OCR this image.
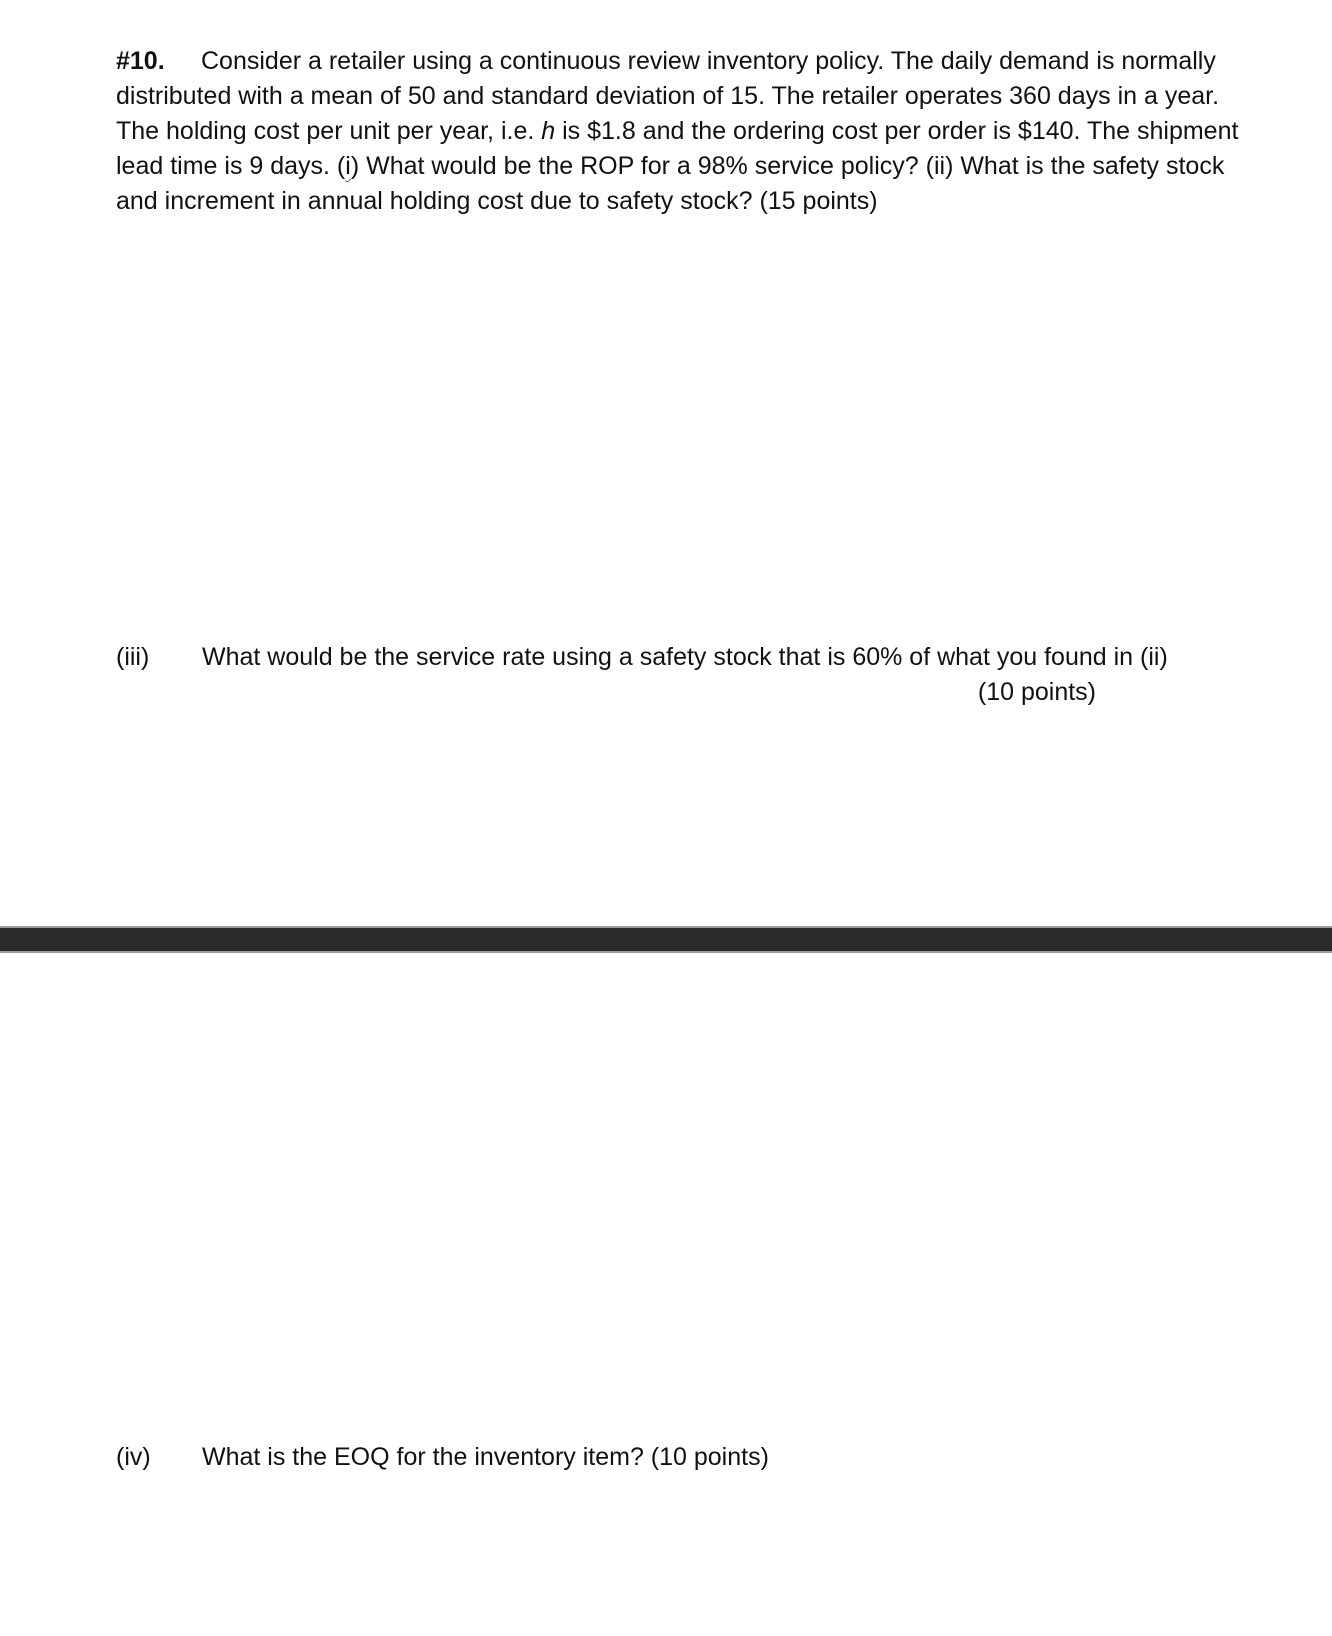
#10. Consider a retailer using a continuous review inventory policy. The daily demand is normally distributed with a mean of 50 and standard deviation of 15. The retailer operates 360 days in a year. The holding cost per unit per year, i.e. h is $1.8 and the ordering cost per order is $140. The shipment lead time is 9 days. (i) What would be the ROP for a 98% service policy? (ii) What is the safety stock and increment in annual holding cost due to safety stock? (15 points)
(iii) What would be the service rate using a safety stock that is 60% of what you found in (ii)
(10 points)
(iv) What is the EOQ for the inventory item? (10 points)
